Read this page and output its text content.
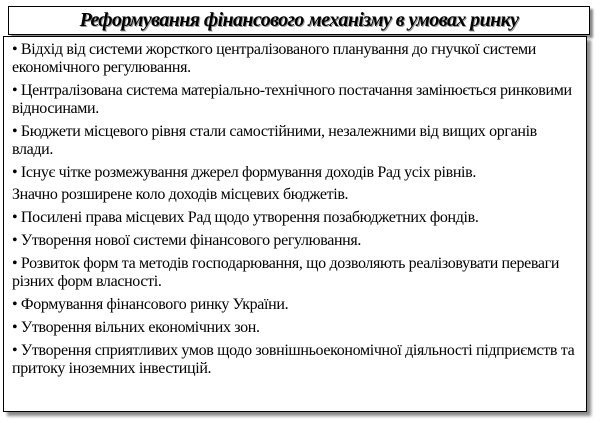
Реформування фінансового механізму в умовах ринку
• Відхід від системи жорсткого централізованого планування до гнучкої системи економічного регулювання.
• Централізована система матеріально-технічного постачання замінюється ринковими відносинами.
• Бюджети місцевого рівня стали самостійними, незалежними від вищих органів влади.
• Існує чітке розмежування джерел формування доходів Рад усіх рівнів.
Значно розширене коло доходів місцевих бюджетів.
• Посилені права місцевих Рад щодо утворення позабюджетних фондів.
• Утворення нової системи фінансового регулювання.
• Розвиток форм та методів господарювання, що дозволяють реалізовувати переваги різних форм власності.
• Формування фінансового ринку України.
• Утворення вільних економічних зон.
• Утворення сприятливих умов щодо зовнішньоекономічної діяльності підприємств та притоку іноземних інвестицій.
